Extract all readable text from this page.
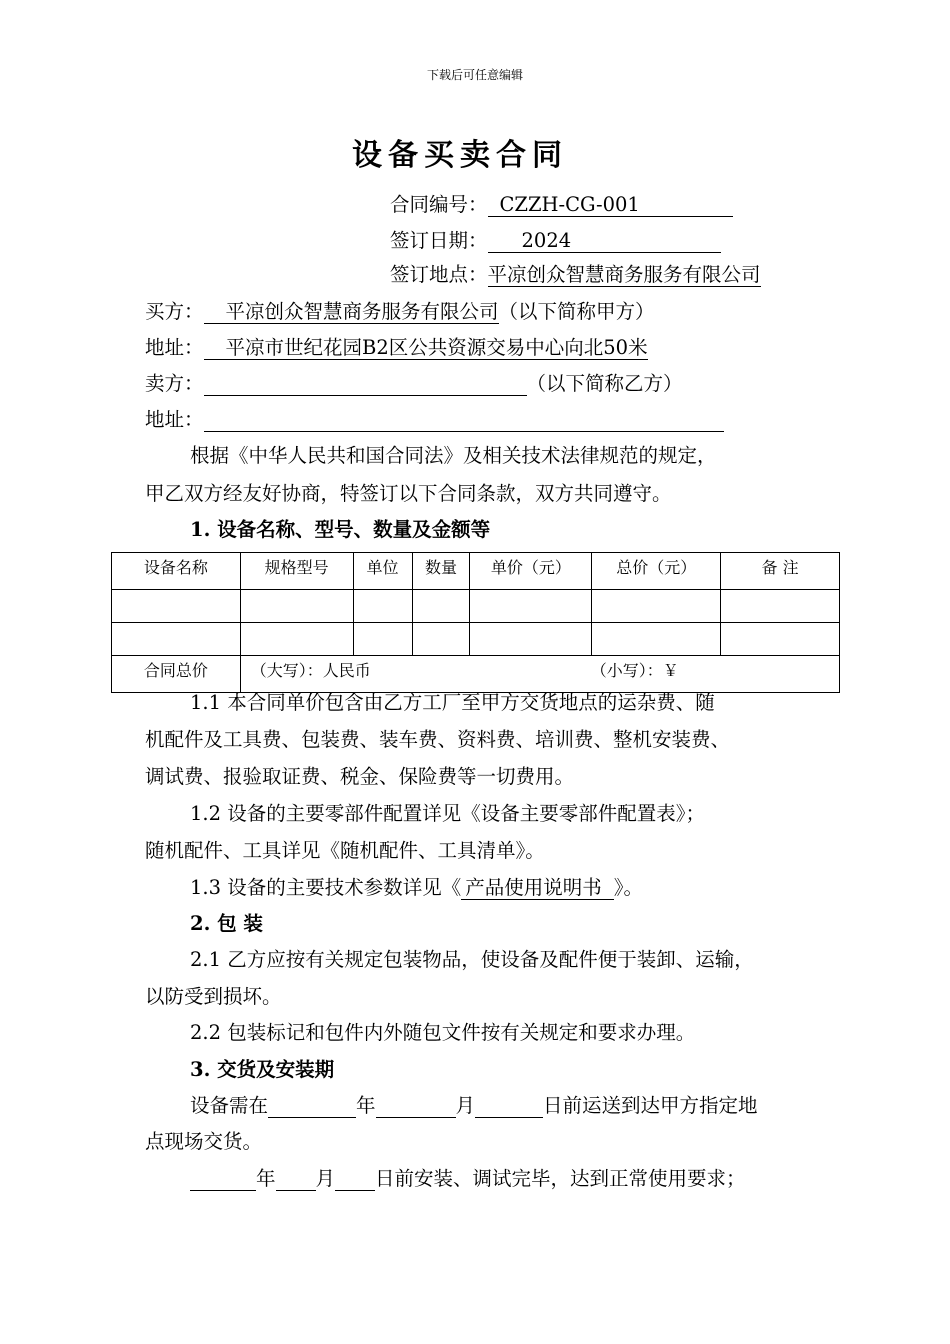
下载后可任意编辑
设备买卖合同
合同编号： CZZH-CG-001
签订日期： 2024
签订地点：平凉创众智慧商务服务有限公司
买方： 平凉创众智慧商务服务有限公司（以下简称甲方）
地址： 平凉市世纪花园B2区公共资源交易中心向北50米
卖方：	（以下简称乙方）
地址：
根据《中华人民共和国合同法》及相关技术法律规范的规定，
甲乙双方经友好协商，特签订以下合同条款，双方共同遵守。
1. 设备名称、型号、数量及金额等
设备名称	规格型号	单位	数量	单价（元）	总价（元）	备 注

合同总价	（大写）：人民币 （小写）：￥					
1.1 本合同单价包含由乙方工厂至甲方交货地点的运杂费、随
机配件及工具费、包装费、装车费、资料费、培训费、整机安装费、
调试费、报验取证费、税金、保险费等一切费用。
1.2 设备的主要零部件配置详见《设备主要零部件配置表》；
随机配件、工具详见《随机配件、工具清单》。
1.3 设备的主要技术参数详见《 产品使用说明书 》。
2. 包 装
2.1 乙方应按有关规定包装物品，使设备及配件便于装卸、运输，
以防受到损坏。
2.2 包装标记和包件内外随包文件按有关规定和要求办理。
3. 交货及安装期
设备需在	年	月	日前运送到达甲方指定地
点现场交货。
年 月 日前安装、调试完毕，达到正常使用要求；
